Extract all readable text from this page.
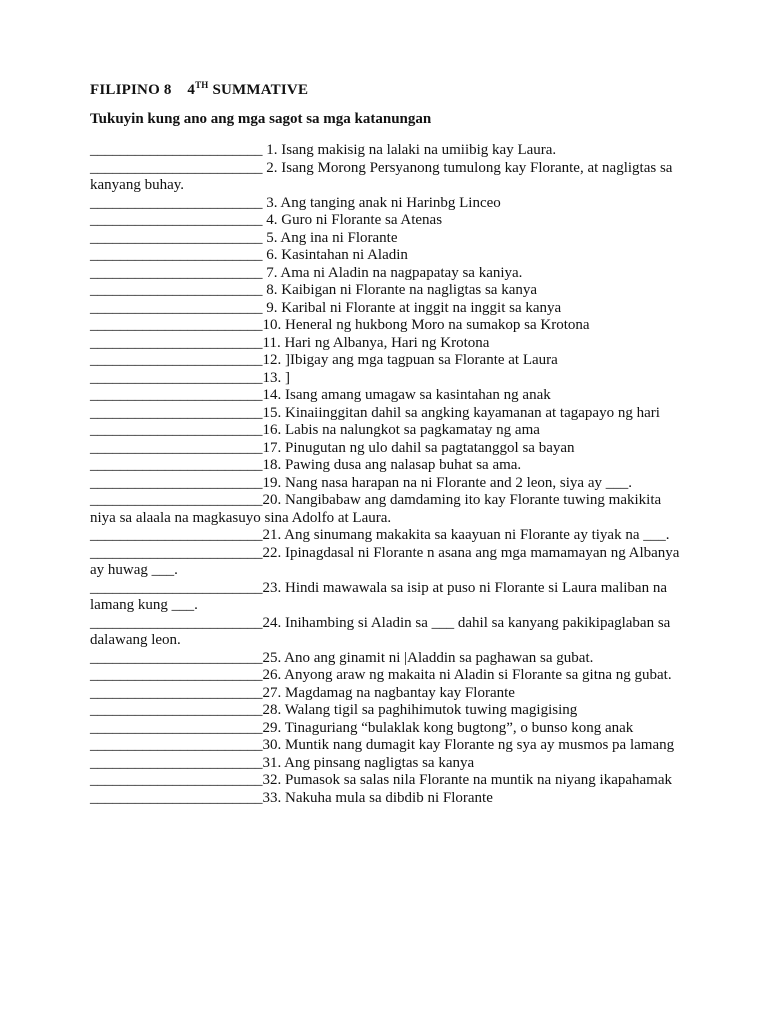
FILIPINO 8 4TH SUMMATIVE
Tukuyin kung ano ang mga sagot sa mga katanungan
_______________________ 1. Isang makisig na lalaki na umiibig kay Laura.
_______________________ 2. Isang Morong Persyanong tumulong kay Florante, at nagligtas sa kanyang buhay.
_______________________ 3. Ang tanging anak ni Harinbg Linceo
_______________________ 4. Guro ni Florante sa Atenas
_______________________ 5. Ang ina ni Florante
_______________________ 6. Kasintahan ni Aladin
_______________________ 7. Ama ni Aladin na nagpapatay sa kaniya.
_______________________ 8. Kaibigan ni Florante na nagligtas sa kanya
_______________________ 9. Karibal ni Florante at inggit na inggit sa kanya
_______________________10. Heneral ng hukbong Moro na sumakop sa Krotona
_______________________11. Hari ng Albanya, Hari ng Krotona
_______________________12. ]Ibigay ang mga tagpuan sa Florante at Laura
_______________________13. ]
_______________________14. Isang amang umagaw sa kasintahan ng anak
_______________________15. Kinaiinggitan dahil sa angking kayamanan at tagapayo ng hari
_______________________16. Labis na nalungkot sa pagkamatay ng ama
_______________________17. Pinugutan ng ulo dahil sa pagtatanggol sa bayan
_______________________18. Pawing dusa ang nalasap buhat sa ama.
_______________________19. Nang nasa harapan na ni Florante and 2 leon, siya ay ___.
_______________________20. Nangibabaw ang damdaming ito kay Florante tuwing makikita niya sa alaala na magkasuyo sina Adolfo at Laura.
_______________________21. Ang sinumang makakita sa kaayuan ni Florante ay tiyak na ___.
_______________________22. Ipinagdasal ni Florante n asana ang mga mamamayan ng Albanya ay huwag ___.
_______________________23. Hindi mawawala sa isip at puso ni Florante si Laura maliban na lamang kung ___.
_______________________24. Inihambing si Aladin sa ___ dahil sa kanyang pakikipaglaban sa dalawang leon.
_______________________25. Ano ang ginamit ni |Aladdin sa paghawan sa gubat.
_______________________26. Anyong araw ng makaita ni Aladin si Florante sa gitna ng gubat.
_______________________27. Magdamag na nagbantay kay Florante
_______________________28. Walang tigil sa paghihimutok tuwing magigising
_______________________29. Tinaguriang “bulaklak kong bugtong”, o bunso kong anak
_______________________30. Muntik nang dumagit kay Florante ng sya ay musmos pa lamang
_______________________31. Ang pinsang nagligtas sa kanya
_______________________32. Pumasok sa salas nila Florante na muntik na niyang ikapahamak
_______________________33. Nakuha mula sa dibdib ni Florante
